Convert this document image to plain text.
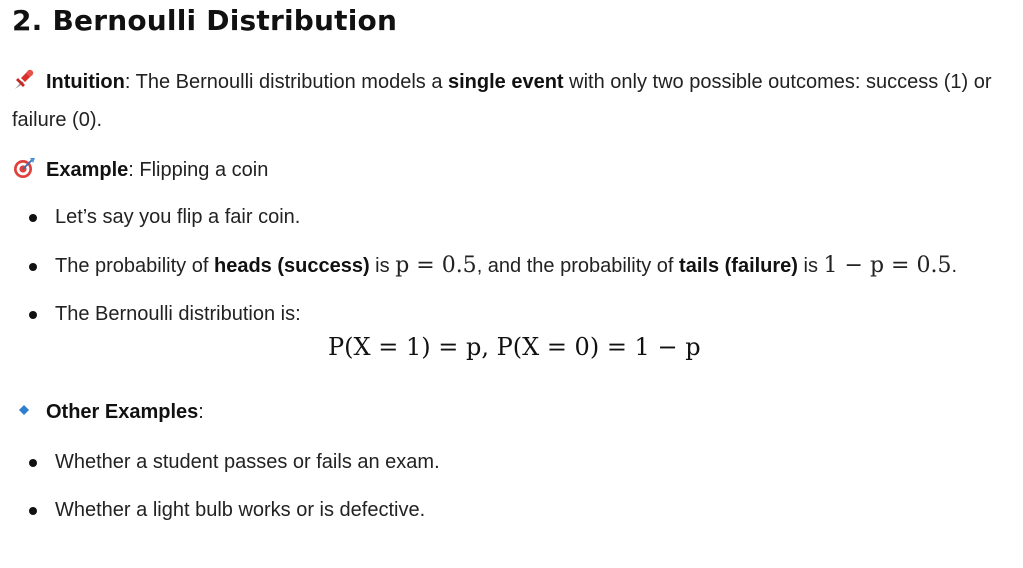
2. Bernoulli Distribution
Intuition: The Bernoulli distribution models a single event with only two possible outcomes: success (1) or failure (0).
Example: Flipping a coin
Let’s say you flip a fair coin.
The probability of heads (success) is p = 0.5, and the probability of tails (failure) is 1 − p = 0.5.
The Bernoulli distribution is:
P(X = 1) = p, P(X = 0) = 1 − p
Other Examples:
Whether a student passes or fails an exam.
Whether a light bulb works or is defective.
